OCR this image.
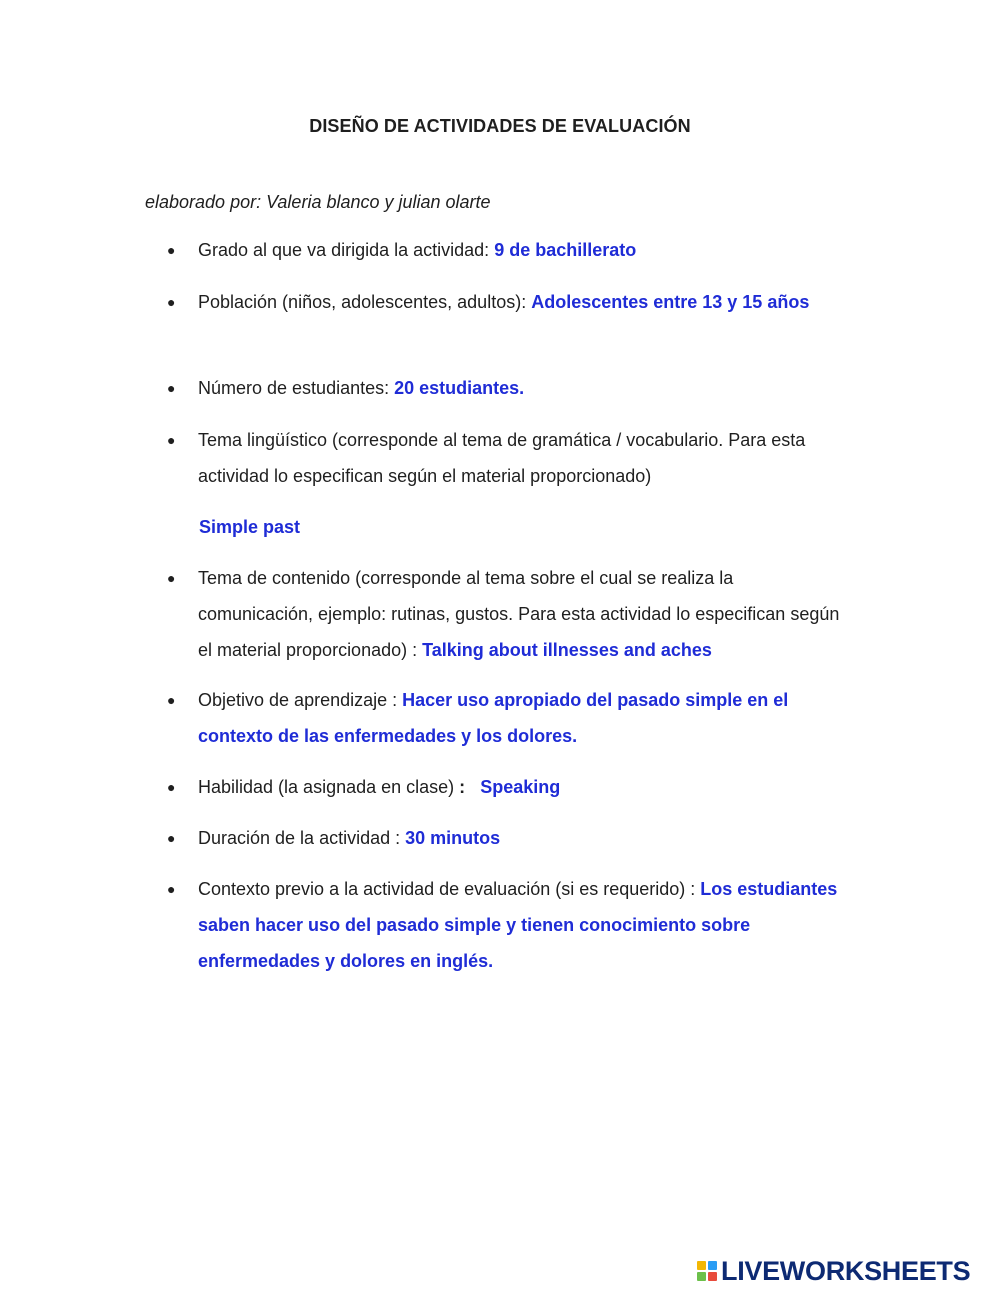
DISEÑO DE ACTIVIDADES DE EVALUACIÓN
elaborado por: Valeria blanco y julian olarte
● Grado al que va dirigida la actividad: 9 de bachillerato
● Población (niños, adolescentes, adultos): Adolescentes entre 13 y 15 años
● Número de estudiantes: 20 estudiantes.
● Tema lingüístico (corresponde al tema de gramática / vocabulario. Para esta actividad lo especifican según el material proporcionado)
Simple past
● Tema de contenido (corresponde al tema sobre el cual se realiza la comunicación, ejemplo: rutinas, gustos. Para esta actividad lo especifican según el material proporcionado) : Talking about illnesses and aches
● Objetivo de aprendizaje : Hacer uso apropiado del pasado simple en el contexto de las enfermedades y los dolores.
● Habilidad (la asignada en clase) : Speaking
● Duración de la actividad : 30 minutos
● Contexto previo a la actividad de evaluación (si es requerido) : Los estudiantes saben hacer uso del pasado simple y tienen conocimiento sobre enfermedades y dolores en inglés.
LIVEWORKSHEETS
